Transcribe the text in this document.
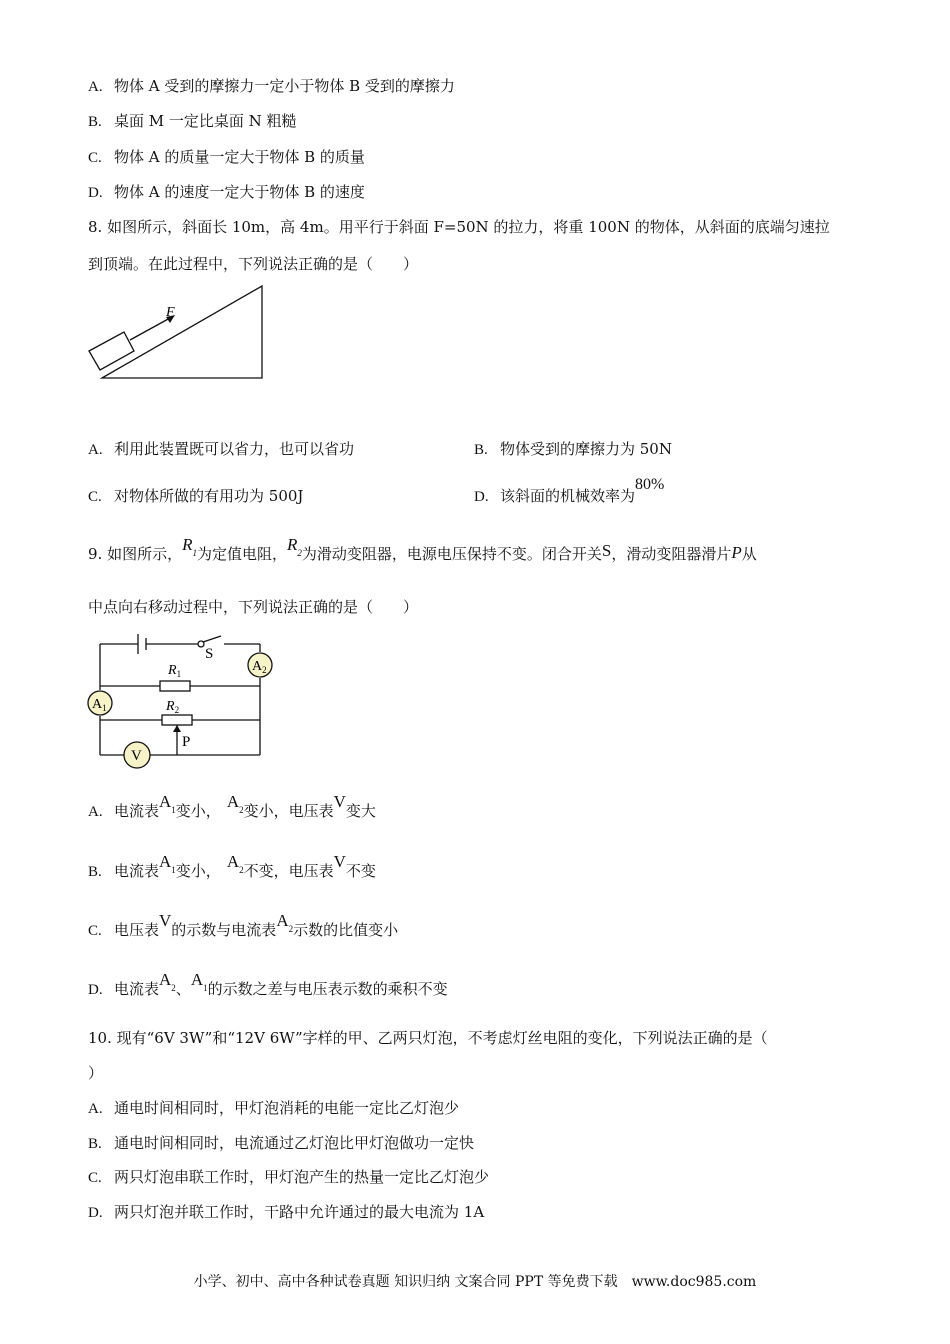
A. 物体 A 受到的摩擦力一定小于物体 B 受到的摩擦力
B. 桌面 M 一定比桌面 N 粗糙
C. 物体 A 的质量一定大于物体 B 的质量
D. 物体 A 的速度一定大于物体 B 的速度
8. 如图所示，斜面长 10m，高 4m。用平行于斜面 F=50N 的拉力，将重 100N 的物体，从斜面的底端匀速拉
到顶端。在此过程中，下列说法正确的是（　　）
F
A. 利用此装置既可以省力，也可以省功	B. 物体受到的摩擦力为 50N
C. 对物体所做的有用功为 500J	D. 该斜面的机械效率为80%
9. 如图所示，$R_1$为定值电阻，$R_2$为滑动变阻器，电源电压保持不变。闭合开关S，滑动变阻器滑片P从
中点向右移动过程中，下列说法正确的是（　　）
$A_2$
$A_1$
V
S
$R_1$
$R_2$
P
A. 电流表$A_1$变小， $A_2$变小，电压表V变大
B. 电流表$A_1$变小， $A_2$不变，电压表V不变
C. 电压表V的示数与电流表$A_2$示数的比值变小
D. 电流表$A_2$、$A_1$的示数之差与电压表示数的乘积不变
10. 现有“6V 3W”和“12V 6W”字样的甲、乙两只灯泡，不考虑灯丝电阻的变化，下列说法正确的是（
）
A. 通电时间相同时，甲灯泡消耗的电能一定比乙灯泡少
B. 通电时间相同时，电流通过乙灯泡比甲灯泡做功一定快
C. 两只灯泡串联工作时，甲灯泡产生的热量一定比乙灯泡少
D. 两只灯泡并联工作时，干路中允许通过的最大电流为 1A
小学、初中、高中各种试卷真题 知识归纳 文案合同 PPT 等免费下载　www.doc985.com
